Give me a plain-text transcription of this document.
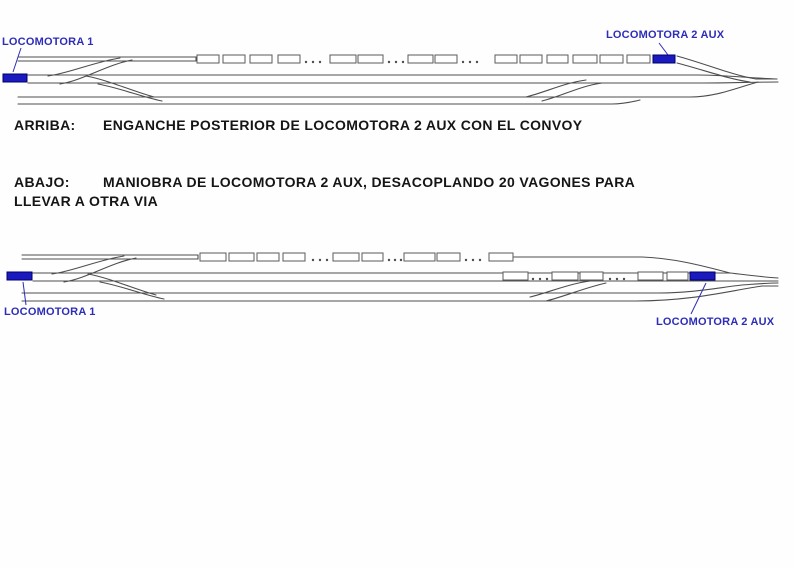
LOCOMOTORA 1
LOCOMOTORA 2 AUX
LOCOMOTORA 1
LOCOMOTORA 2 AUX
ARRIBA: ENGANCHE POSTERIOR DE LOCOMOTORA 2 AUX CON EL CONVOY
ABAJO: MANIOBRA DE LOCOMOTORA 2 AUX, DESACOPLANDO 20 VAGONES PARA
LLEVAR A OTRA VIA
